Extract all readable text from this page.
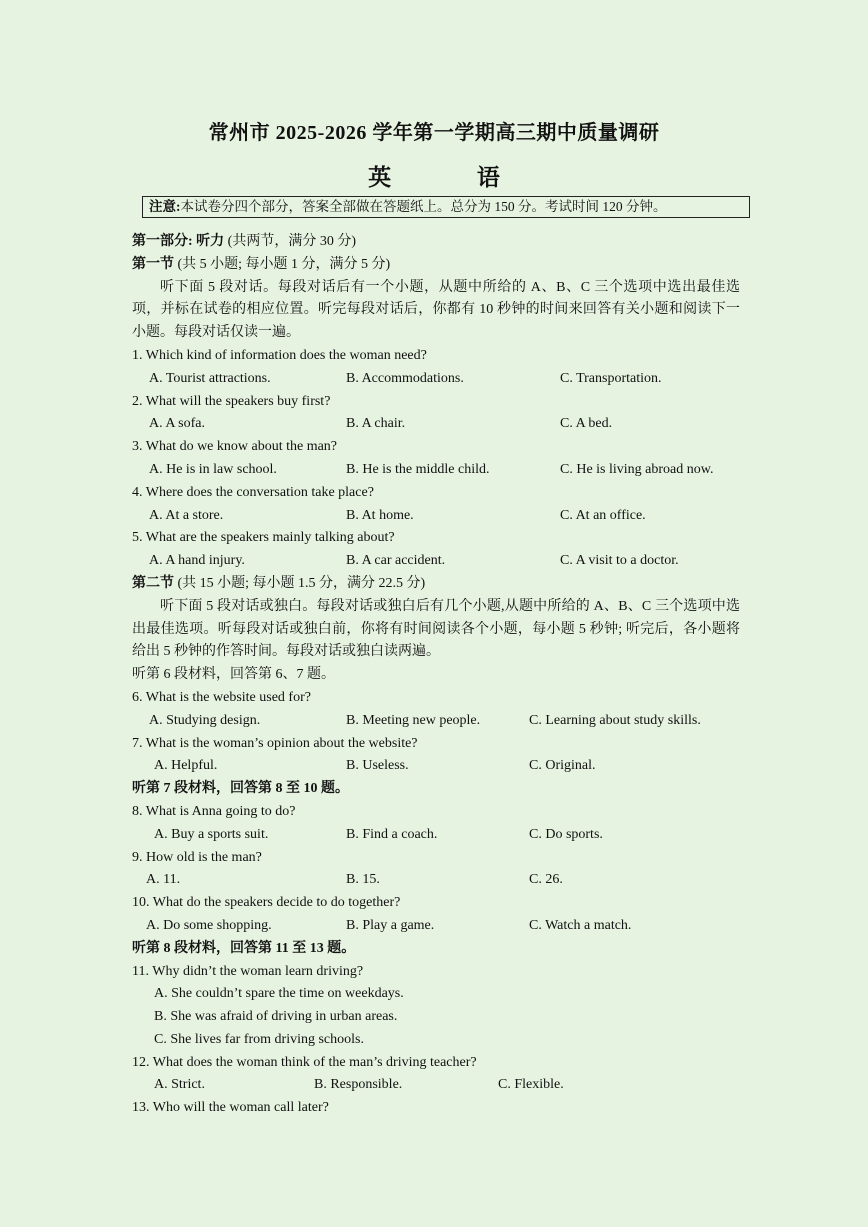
常州市 2025-2026 学年第一学期高三期中质量调研
英 语
注意:本试卷分四个部分，答案全部做在答题纸上。总分为 150 分。考试时间 120 分钟。
第一部分: 听力 (共两节，满分 30 分)
第一节 (共 5 小题; 每小题 1 分，满分 5 分)
听下面 5 段对话。每段对话后有一个小题，从题中所给的 A、B、C 三个选项中选出最佳选项，并标在试卷的相应位置。听完每段对话后，你都有 10 秒钟的时间来回答有关小题和阅读下一小题。每段对话仅读一遍。
1. Which kind of information does the woman need?
A. Tourist attractions.	B. Accommodations.	C. Transportation.
2. What will the speakers buy first?
A. A sofa.	B. A chair.	C. A bed.
3. What do we know about the man?
A. He is in law school.	B. He is the middle child.	C. He is living abroad now.
4. Where does the conversation take place?
A. At a store.	B. At home.	C. At an office.
5. What are the speakers mainly talking about?
A. A hand injury.	B. A car accident.	C. A visit to a doctor.
第二节 (共 15 小题; 每小题 1.5 分，满分 22.5 分)
听下面 5 段对话或独白。每段对话或独白后有几个小题,从题中所给的 A、B、C 三个选项中选出最佳选项。听每段对话或独白前，你将有时间阅读各个小题，每小题 5 秒钟; 听完后，各小题将给出 5 秒钟的作答时间。每段对话或独白读两遍。
听第 6 段材料，回答第 6、7 题。
6. What is the website used for?
A. Studying design.	B. Meeting new people.	C. Learning about study skills.
7. What is the woman’s opinion about the website?
A. Helpful.	B. Useless.	C. Original.
听第 7 段材料，回答第 8 至 10 题。
8. What is Anna going to do?
A. Buy a sports suit.	B. Find a coach.	C. Do sports.
9. How old is the man?
A. 11.	B. 15.	C. 26.
10. What do the speakers decide to do together?
A. Do some shopping.	B. Play a game.	C. Watch a match.
听第 8 段材料，回答第 11 至 13 题。
11. Why didn’t the woman learn driving?
A. She couldn’t spare the time on weekdays.
B. She was afraid of driving in urban areas.
C. She lives far from driving schools.
12. What does the woman think of the man’s driving teacher?
A. Strict.	B. Responsible.	C. Flexible.
13. Who will the woman call later?
